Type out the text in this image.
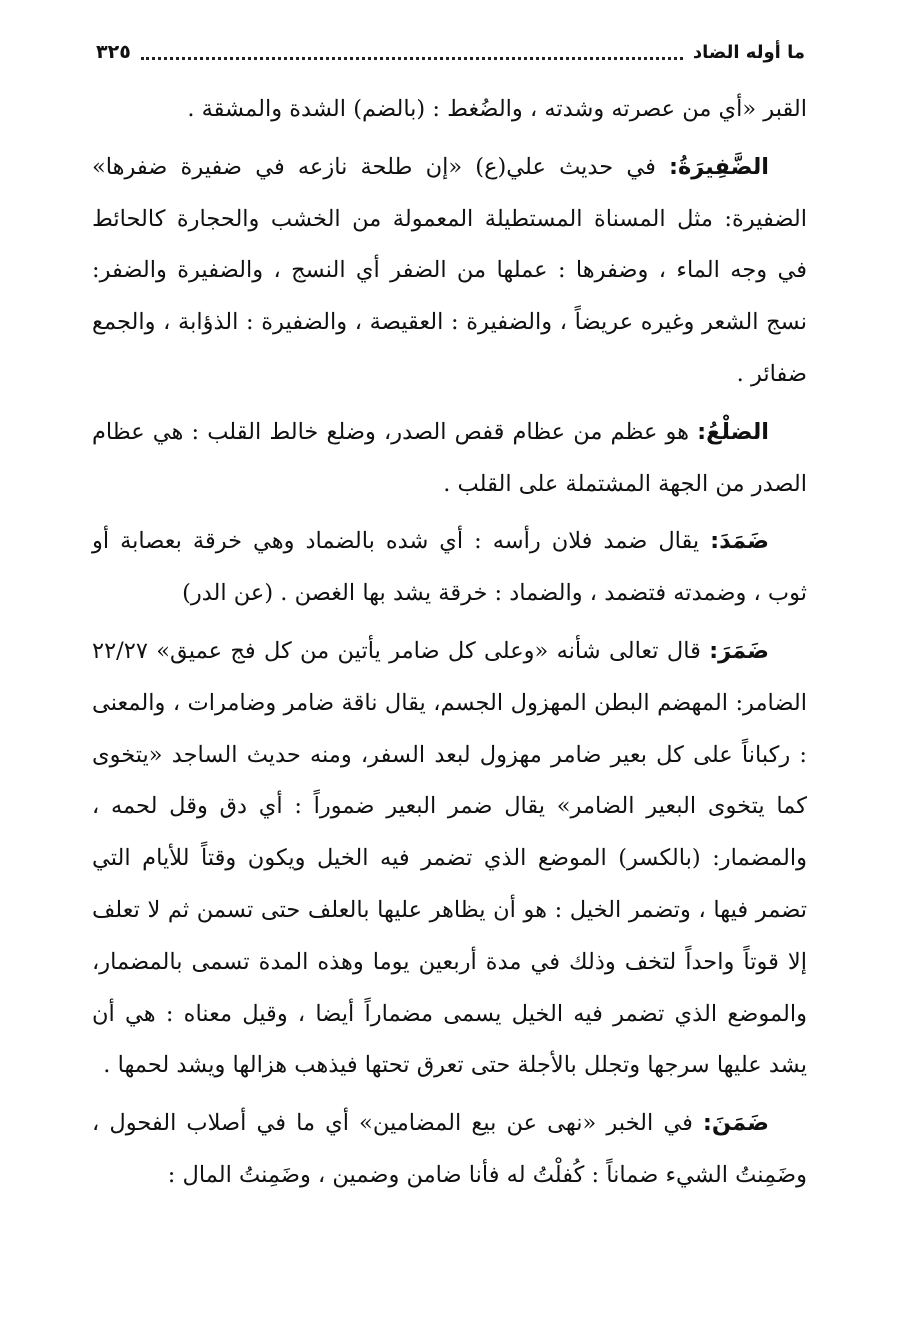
ما أوله الضاد
٣٢٥

القبر «أي من عصرته وشدته ، والضُغط : (بالضم) الشدة والمشقة .

الضَّفِيرَةُ: في حديث علي(ع) «إن طلحة نازعه في ضفيرة ضفرها» الضفيرة: مثل المسناة المستطيلة المعمولة من الخشب والحجارة كالحائط في وجه الماء ، وضفرها : عملها من الضفر أي النسج ، والضفيرة والضفر: نسج الشعر وغيره عريضاً ، والضفيرة : العقيصة ، والضفيرة : الذؤابة ، والجمع ضفائر .

الضلْعُ: هو عظم من عظام قفص الصدر، وضلع خالط القلب : هي عظام الصدر من الجهة المشتملة على القلب .

ضَمَدَ: يقال ضمد فلان رأسه : أي شده بالضماد وهي خرقة بعصابة أو ثوب ، وضمدته فتضمد ، والضماد : خرقة يشد بها الغصن . (عن الدر)

ضَمَرَ: قال تعالى شأنه «وعلى كل ضامر يأتين من كل فج عميق» ٢٢/٢٧ الضامر: المهضم البطن المهزول الجسم، يقال ناقة ضامر وضامرات ، والمعنى : ركباناً على كل بعير ضامر مهزول لبعد السفر، ومنه حديث الساجد «يتخوى كما يتخوى البعير الضامر» يقال ضمر البعير ضموراً : أي دق وقل لحمه ، والمضمار: (بالكسر) الموضع الذي تضمر فيه الخيل ويكون وقتاً للأيام التي تضمر فيها ، وتضمر الخيل : هو أن يظاهر عليها بالعلف حتى تسمن ثم لا تعلف إلا قوتاً واحداً لتخف وذلك في مدة أربعين يوما وهذه المدة تسمى بالمضمار، والموضع الذي تضمر فيه الخيل يسمى مضماراً أيضا ، وقيل معناه : هي أن يشد عليها سرجها وتجلل بالأجلة حتى تعرق تحتها فيذهب هزالها ويشد لحمها .

ضَمَنَ: في الخبر «نهى عن بيع المضامين» أي ما في أصلاب الفحول ، وضَمِنتُ الشيء ضماناً : كُفلْتُ له فأنا ضامن وضمين ، وضَمِنتُ المال :
